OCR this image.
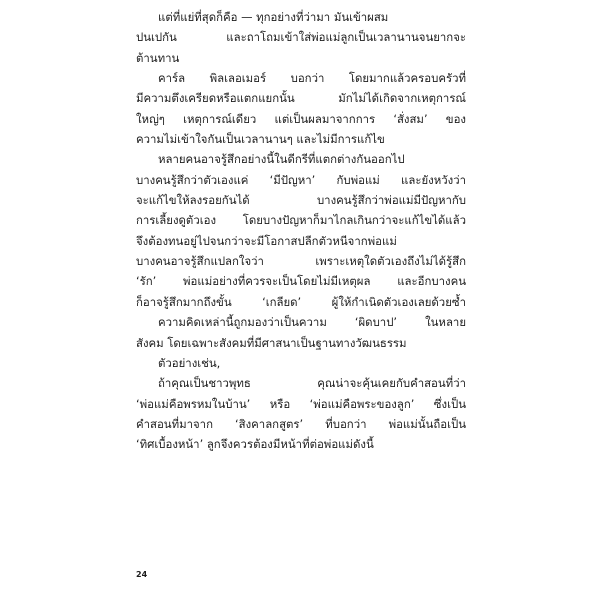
แต่ที่แย่ที่สุดก็คือ — ทุกอย่างที่ว่ามา มันเข้าผสม
ปนเปกัน และถาโถมเข้าใส่พ่อแม่ลูกเป็นเวลานานจนยากจะ
ต้านทาน
คาร์ล พิลเลอเมอร์ บอกว่า โดยมากแล้วครอบครัวที่
มีความตึงเครียดหรือแตกแยกนั้น มักไม่ได้เกิดจากเหตุการณ์
ใหญ่ๆ เหตุการณ์เดียว แต่เป็นผลมาจากการ ‘สั่งสม’ ของ
ความไม่เข้าใจกันเป็นเวลานานๆ และไม่มีการแก้ไข
หลายคนอาจรู้สึกอย่างนี้ในดีกรีที่แตกต่างกันออกไป
บางคนรู้สึกว่าตัวเองแค่ ‘มีปัญหา’ กับพ่อแม่ และยังหวังว่า
จะแก้ไขให้ลงรอยกันได้ บางคนรู้สึกว่าพ่อแม่มีปัญหากับ
การเลี้ยงดูตัวเอง โดยบางปัญหาก็มาไกลเกินกว่าจะแก้ไขได้แล้ว
จึงต้องทนอยู่ไปจนกว่าจะมีโอกาสปลีกตัวหนีจากพ่อแม่
บางคนอาจรู้สึกแปลกใจว่า เพราะเหตุใดตัวเองถึงไม่ได้รู้สึก
‘รัก’ พ่อแม่อย่างที่ควรจะเป็นโดยไม่มีเหตุผล และอีกบางคน
ก็อาจรู้สึกมากถึงขั้น ‘เกลียด’ ผู้ให้กำเนิดตัวเองเลยด้วยซ้ำ
ความคิดเหล่านี้ถูกมองว่าเป็นความ ‘ผิดบาป’ ในหลาย
สังคม โดยเฉพาะสังคมที่มีศาสนาเป็นฐานทางวัฒนธรรม
ตัวอย่างเช่น,
ถ้าคุณเป็นชาวพุทธ คุณน่าจะคุ้นเคยกับคำสอนที่ว่า
‘พ่อแม่คือพรหมในบ้าน’ หรือ ‘พ่อแม่คือพระของลูก’ ซึ่งเป็น
คำสอนที่มาจาก ‘สิงคาลกสูตร’ ที่บอกว่า พ่อแม่นั้นถือเป็น
‘ทิศเบื้องหน้า’ ลูกจึงควรต้องมีหน้าที่ต่อพ่อแม่ดังนี้
24
